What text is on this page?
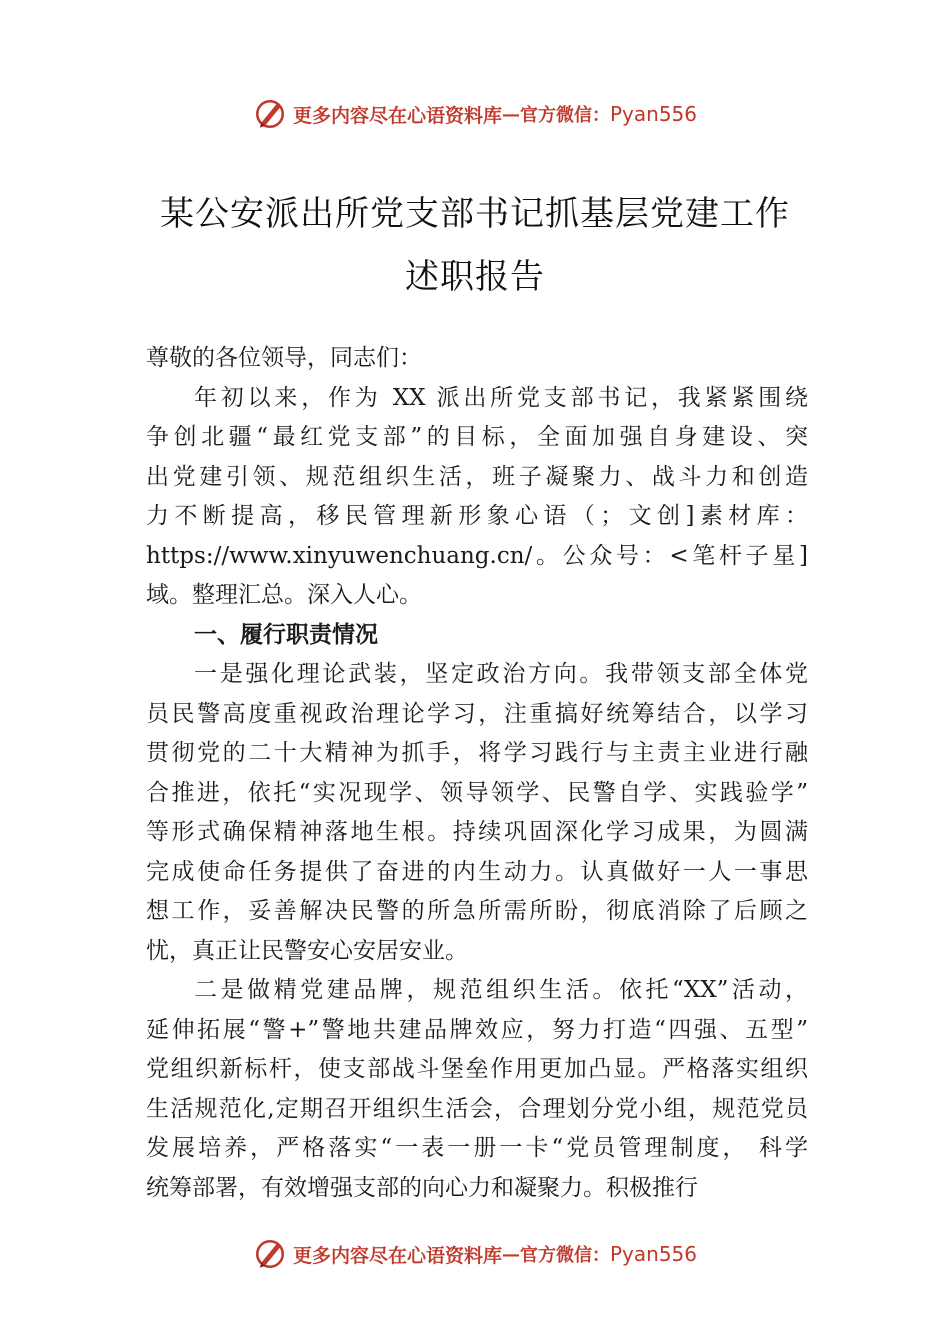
更多内容尽在心语资料库 — 官方微信： Pyan556
某公安派出所党支部书记抓基层党建工作
述职报告
尊敬的各位领导，同志们：
年初以来，作为 XX 派出所党支部书记，我紧紧围绕
争创北疆“最红党支部”的目标，全面加强自身建设、突
出党建引领、规范组织生活，班子凝聚力、战斗力和创造
力不断提高，移民管理新形象心语（；文创]素材库：
https://www.xinyuwenchuang.cn/。公众号：<笔杆子星]
域。整理汇总。深入人心。
一、履行职责情况
一是强化理论武装，坚定政治方向。我带领支部全体党
员民警高度重视政治理论学习，注重搞好统筹结合，以学习
贯彻党的二十大精神为抓手，将学习践行与主责主业进行融
合推进，依托“实况现学、领导领学、民警自学、实践验学”
等形式确保精神落地生根。持续巩固深化学习成果，为圆满
完成使命任务提供了奋进的内生动力。认真做好一人一事思
想工作，妥善解决民警的所急所需所盼，彻底消除了后顾之
忧，真正让民警安心安居安业。
二是做精党建品牌，规范组织生活。依托“XX”活动，
延伸拓展“警+”警地共建品牌效应，努力打造“四强、五型”
党组织新标杆，使支部战斗堡垒作用更加凸显。严格落实组织
生活规范化,定期召开组织生活会，合理划分党小组，规范党员
发展培养，严格落实“一表一册一卡“党员管理制度， 科学
统筹部署，有效增强支部的向心力和凝聚力。积极推行
更多内容尽在心语资料库 — 官方微信： Pyan556
